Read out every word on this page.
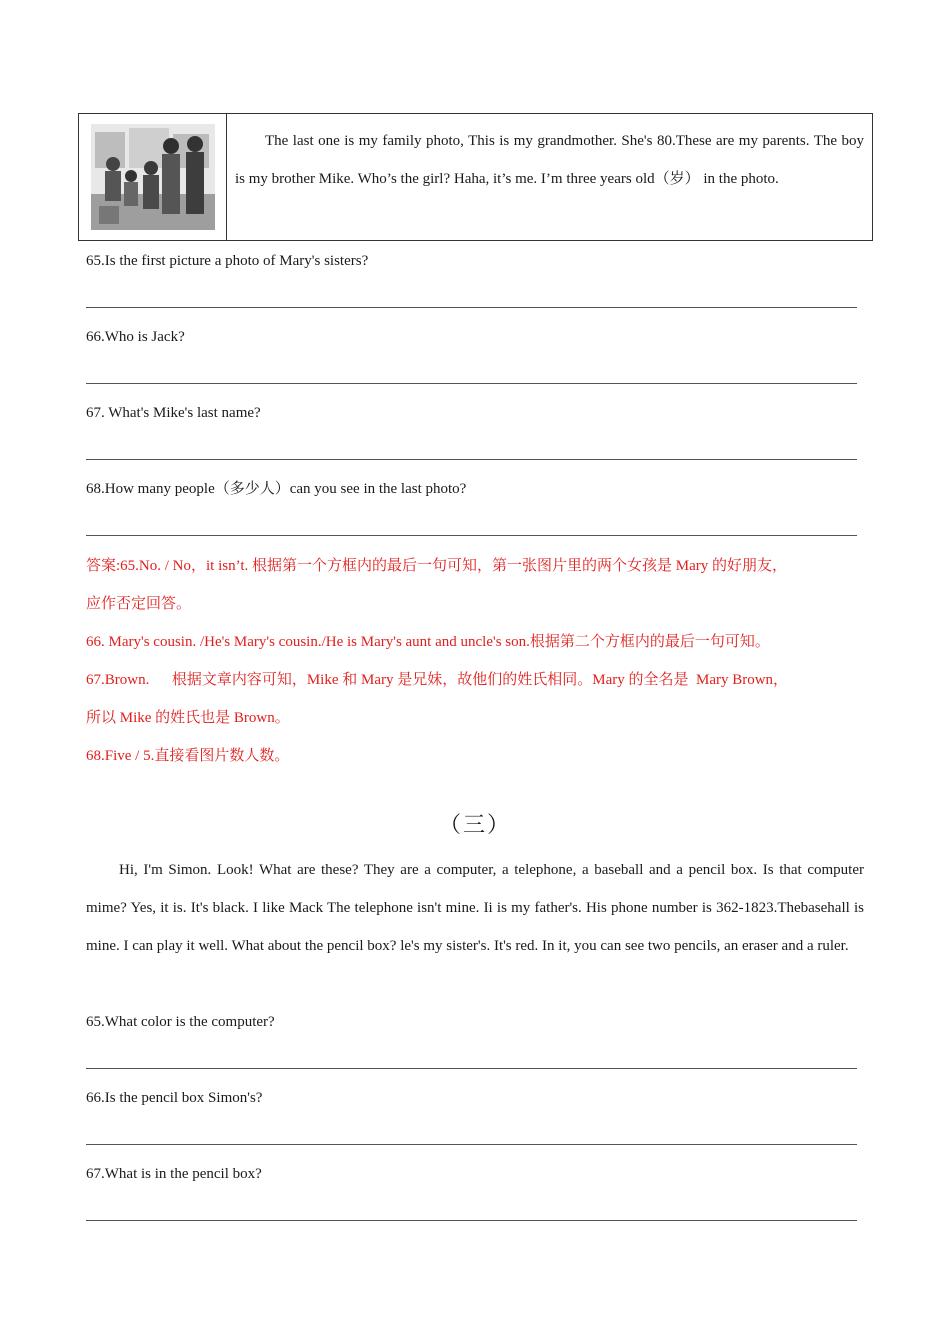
The last one is my family photo, This is my grandmother. She's 80.These are my parents. The boy is my brother Mike. Who’s the girl? Haha, it’s me. I’m three years old（岁） in the photo.
65.Is the first picture a photo of Mary's sisters?
66.Who is Jack?
67. What's Mike's last name?
68.How many people（多少人）can you see in the last photo?
答案:65.No. / No，it isn’t. 根据第一个方框内的最后一句可知，第一张图片里的两个女孩是 Mary 的好朋友，
应作否定回答。
66. Mary's cousin. /He's Mary's cousin./He is Mary's aunt and uncle's son.根据第二个方框内的最后一句可知。
67.Brown.      根据文章内容可知，Mike 和 Mary 是兄妹，故他们的姓氏相同。Mary 的全名是  Mary Brown，
所以 Mike 的姓氏也是 Brown。
68.Five / 5.直接看图片数人数。
（三）
Hi, I'm Simon. Look! What are these? They are a computer, a telephone, a baseball and a pencil box. Is that computer mime? Yes, it is. It's black. I like Mack The telephone isn't mine. Ii is my father's. His phone number is 362-1823.Thebasehall is mine. I can play it well. What about the pencil box? le's my sister's. It's red. In it, you can see two pencils, an eraser and a ruler.
65.What color is the computer?
66.Is the pencil box Simon's?
67.What is in the pencil box?
